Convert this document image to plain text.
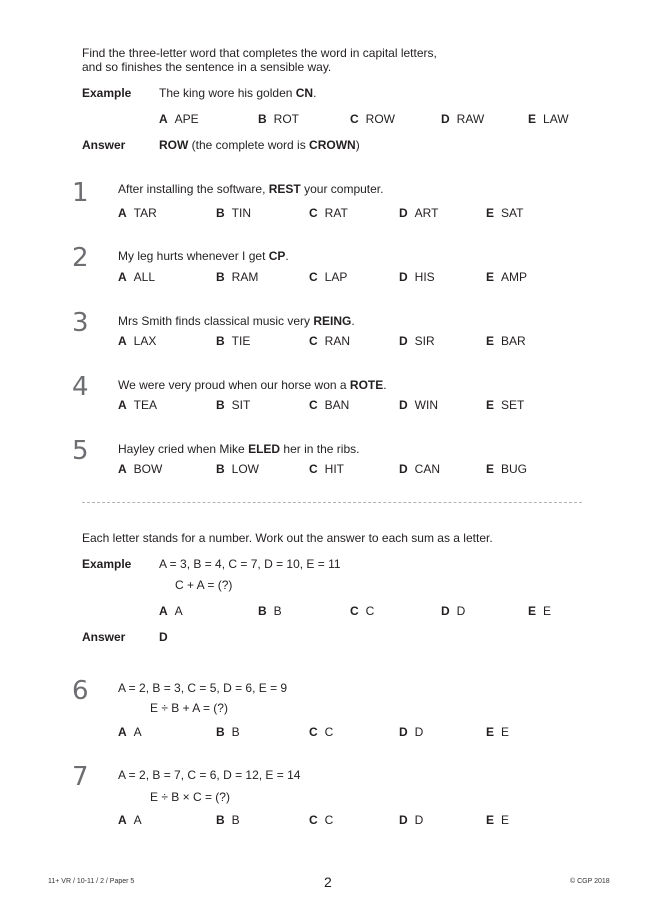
Find the three-letter word that completes the word in capital letters,
and so finishes the sentence in a sensible way.
Example The king wore his golden CN.
A APE	B ROT	C ROW	D RAW	E LAW
Answer	ROW (the complete word is CROWN)
1 After installing the software, REST your computer.
A TAR	B TIN	C RAT	D ART	E SAT
2 My leg hurts whenever I get CP.
A ALL	B RAM	C LAP	D HIS	E AMP
3 Mrs Smith finds classical music very REING.
A LAX	B TIE	C RAN	D SIR	E BAR
4 We were very proud when our horse won a ROTE.
A TEA	B SIT	C BAN	D WIN	E SET
5 Hayley cried when Mike ELED her in the ribs.
A BOW	B LOW	C HIT	D CAN	E BUG
Each letter stands for a number. Work out the answer to each sum as a letter.
Example A = 3, B = 4, C = 7, D = 10, E = 11
C + A = (?)
A A	B B	C C	D D	E E
Answer	D
6 A = 2, B = 3, C = 5, D = 6, E = 9
E ÷ B + A = (?)
A A	B B	C C	D D	E E
7 A = 2, B = 7, C = 6, D = 12, E = 14
E ÷ B × C = (?)
A A	B B	C C	D D	E E
11+ VR / 10-11 / 2 / Paper 5	2	© CGP 2018
